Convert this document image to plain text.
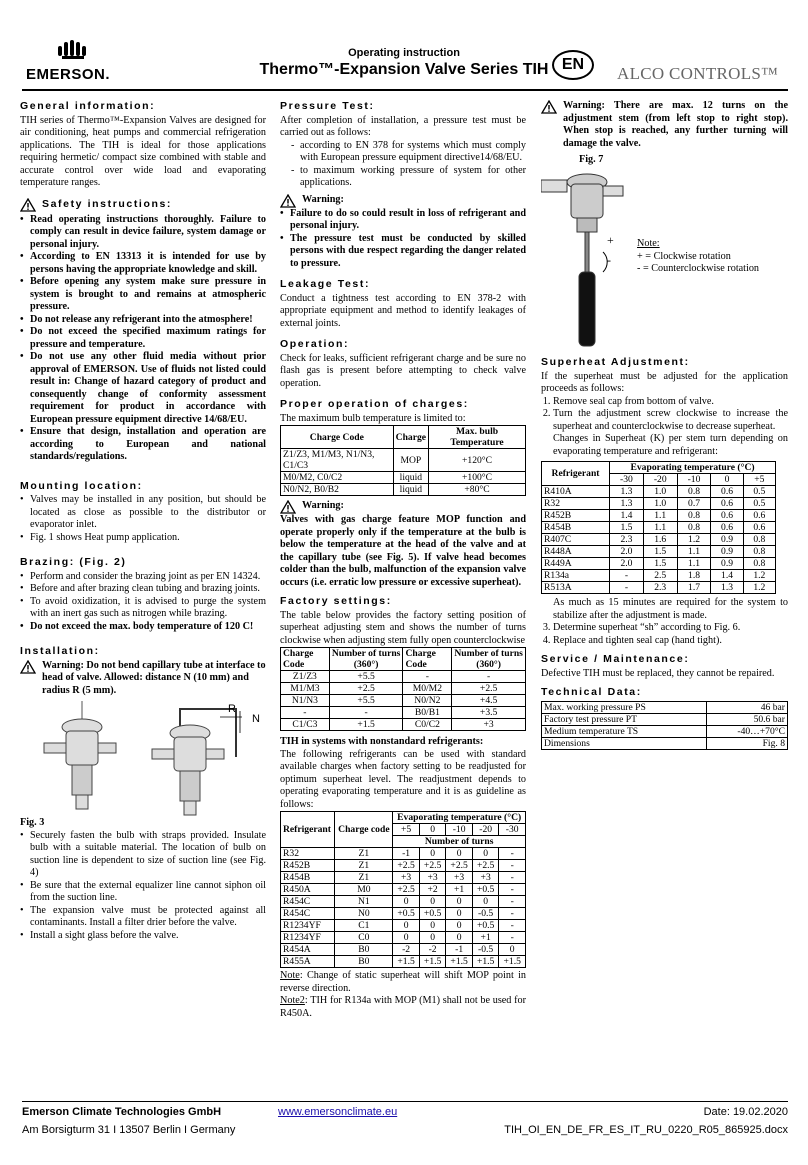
EMERSON.
Operating instruction
Thermo™-Expansion Valve Series TIH EN	ALCO CONTROLS™
General information:

TIH series of Thermo™-Expansion Valves are designed for air conditioning, heat pumps and commercial refrigeration applications. The TIH is ideal for those applications requiring hermetic/ compact size combined with stable and accurate control over wide load and evaporating temperature ranges.

Safety instructions:
• Read operating instructions thoroughly. Failure to comply can result in device failure, system damage or personal injury.
• According to EN 13313 it is intended for use by persons having the appropriate knowledge and skill.
• Before opening any system make sure pressure in system is brought to and remains at atmospheric pressure.
• Do not release any refrigerant into the atmosphere!
• Do not exceed the specified maximum ratings for pressure and temperature.
• Do not use any other fluid media without prior approval of EMERSON. Use of fluids not listed could result in: Change of hazard category of product and consequently change of conformity assessment requirement for product in accordance with European pressure equipment directive 14/68/EU.
• Ensure that design, installation and operation are according to European and national standards/regulations.
Mounting location:
• Valves may be installed in any position, but should be located as close as possible to the distributor or evaporator inlet.
• Fig. 1 shows Heat pump application.
Brazing: (Fig. 2)
• Perform and consider the brazing joint as per EN 14324.
• Before and after brazing clean tubing and brazing joints.
• To avoid oxidization, it is advised to purge the system with an inert gas such as nitrogen while brazing.
• Do not exceed the max. body temperature of 120 C!
Installation:
Warning: Do not bend capillary tube at interface to head of valve. Allowed: distance N (10 mm) and radius R (5 mm).
R
N
Fig. 3
• Securely fasten the bulb with straps provided. Insulate bulb with a suitable material. The location of bulb on suction line is dependent to size of suction line (see Fig. 4)
• Be sure that the external equalizer line cannot siphon oil from the suction line.
• The expansion valve must be protected against all contaminants. Install a filter drier before the valve.
• Install a sight glass before the valve.
Pressure Test:

After completion of installation, a pressure test must be carried out as follows:

- according to EN 378 for systems which must comply with European pressure equipment directive14/68/EU.
- to maximum working pressure of system for other applications.
Warning:
• Failure to do so could result in loss of refrigerant and personal injury.
• The pressure test must be conducted by skilled persons with due respect regarding the danger related to pressure.
Leakage Test:

Conduct a tightness test according to EN 378-2 with appropriate equipment and method to identify leakages of external joints.

Operation:

Check for leaks, sufficient refrigerant charge and be sure no flash gas is present before attempting to check valve operation.

Proper operation of charges:

The maximum bulb temperature is limited to:

Charge Code	Charge	Max. bulb Temperature
Z1/Z3, M1/M3, N1/N3, C1/C3	MOP	+120°C
M0/M2, C0/C2	liquid	+100°C
N0/N2, B0/B2	liquid	+80°C
Warning:

Valves with gas charge feature MOP function and operate properly only if the temperature at the bulb is below the temperature at the head of the valve and at the capillary tube (see Fig. 5). If valve head becomes colder than the bulb, malfunction of the expansion valve occurs (i.e. erratic low pressure or excessive superheat).

Factory settings:

The table below provides the factory setting position of superheat adjusting stem and shows the number of turns clockwise when adjusting stem fully open counterclockwise

Charge Code	Number of turns (360°)	Charge Code	Number of turns (360°)
Z1/Z3	+5.5	-	-
M1/M3	+2.5	M0/M2	+2.5
N1/N3	+5.5	N0/N2	+4.5
-	-	B0/B1	+3.5
C1/C3	+1.5	C0/C2	+3
TIH in systems with nonstandard refrigerants:

The following refrigerants can be used with standard available charges when factory setting to be readjusted for optimum superheat level. The readjustment depends to operating evaporating temperature and it is as guideline as follows:

Refrigerant	Charge code	Evaporating temperature (°C)				
		+5	0	-10	-20	-30
		Number of turns				
R32	Z1	-1	0	0	0	-
R452B	Z1	+2.5	+2.5	+2.5	+2.5	-
R454B	Z1	+3	+3	+3	+3	-
R450A	M0	+2.5	+2	+1	+0.5	-
R454C	N1	0	0	0	0	-
R454C	N0	+0.5	+0.5	0	-0.5	-
R1234YF	C1	0	0	0	+0.5	-
R1234YF	C0	0	0	0	+1	-
R454A	B0	-2	-2	-1	-0.5	0
R455A	B0	+1.5	+1.5	+1.5	+1.5	+1.5

Note: Change of static superheat will shift MOP point in reverse direction.

Note2: TIH for R134a with MOP (M1) shall not be used for R450A.

Warning: There are max. 12 turns on the adjustment stem (from left stop to right stop). When stop is reached, any further turning will damage the valve.
Fig. 7
+
-
Note:
+ = Clockwise rotation
- = Counterclockwise rotation
Superheat Adjustment:

If the superheat must be adjusted for the application proceeds as follows:

1. Remove seal cap from bottom of valve.
2. Turn the adjustment screw clockwise to increase the superheat and counterclockwise to decrease superheat.
Changes in Superheat (K) per stem turn depending on evaporating temperature and refrigerant:
Refrigerant	Evaporating temperature (°C)				
	-30	-20	-10	0	+5
R410A	1.3	1.0	0.8	0.6	0.5
R32	1.3	1.0	0.7	0.6	0.5
R452B	1.4	1.1	0.8	0.6	0.6
R454B	1.5	1.1	0.8	0.6	0.6
R407C	2.3	1.6	1.2	0.9	0.8
R448A	2.0	1.5	1.1	0.9	0.8
R449A	2.0	1.5	1.1	0.9	0.8
R134a	-	2.5	1.8	1.4	1.2
R513A	-	2.3	1.7	1.3	1.2
As much as 15 minutes are required for the system to stabilize after the adjustment is made.
3. Determine superheat “sh” according to Fig. 6.
4. Replace and tighten seal cap (hand tight).
Service / Maintenance:

Defective TIH must be replaced, they cannot be repaired.

Technical Data:
Max. working pressure PS	46 bar
Factory test pressure PT	50.6 bar
Medium temperature TS	-40…+70°C
Dimensions	Fig. 8
Emerson Climate Technologies GmbH
Am Borsigturm 31 I 13507 Berlin I Germany
www.emersonclimate.eu	Date: 19.02.2020
TIH_OI_EN_DE_FR_ES_IT_RU_0220_R05_865925.docx
